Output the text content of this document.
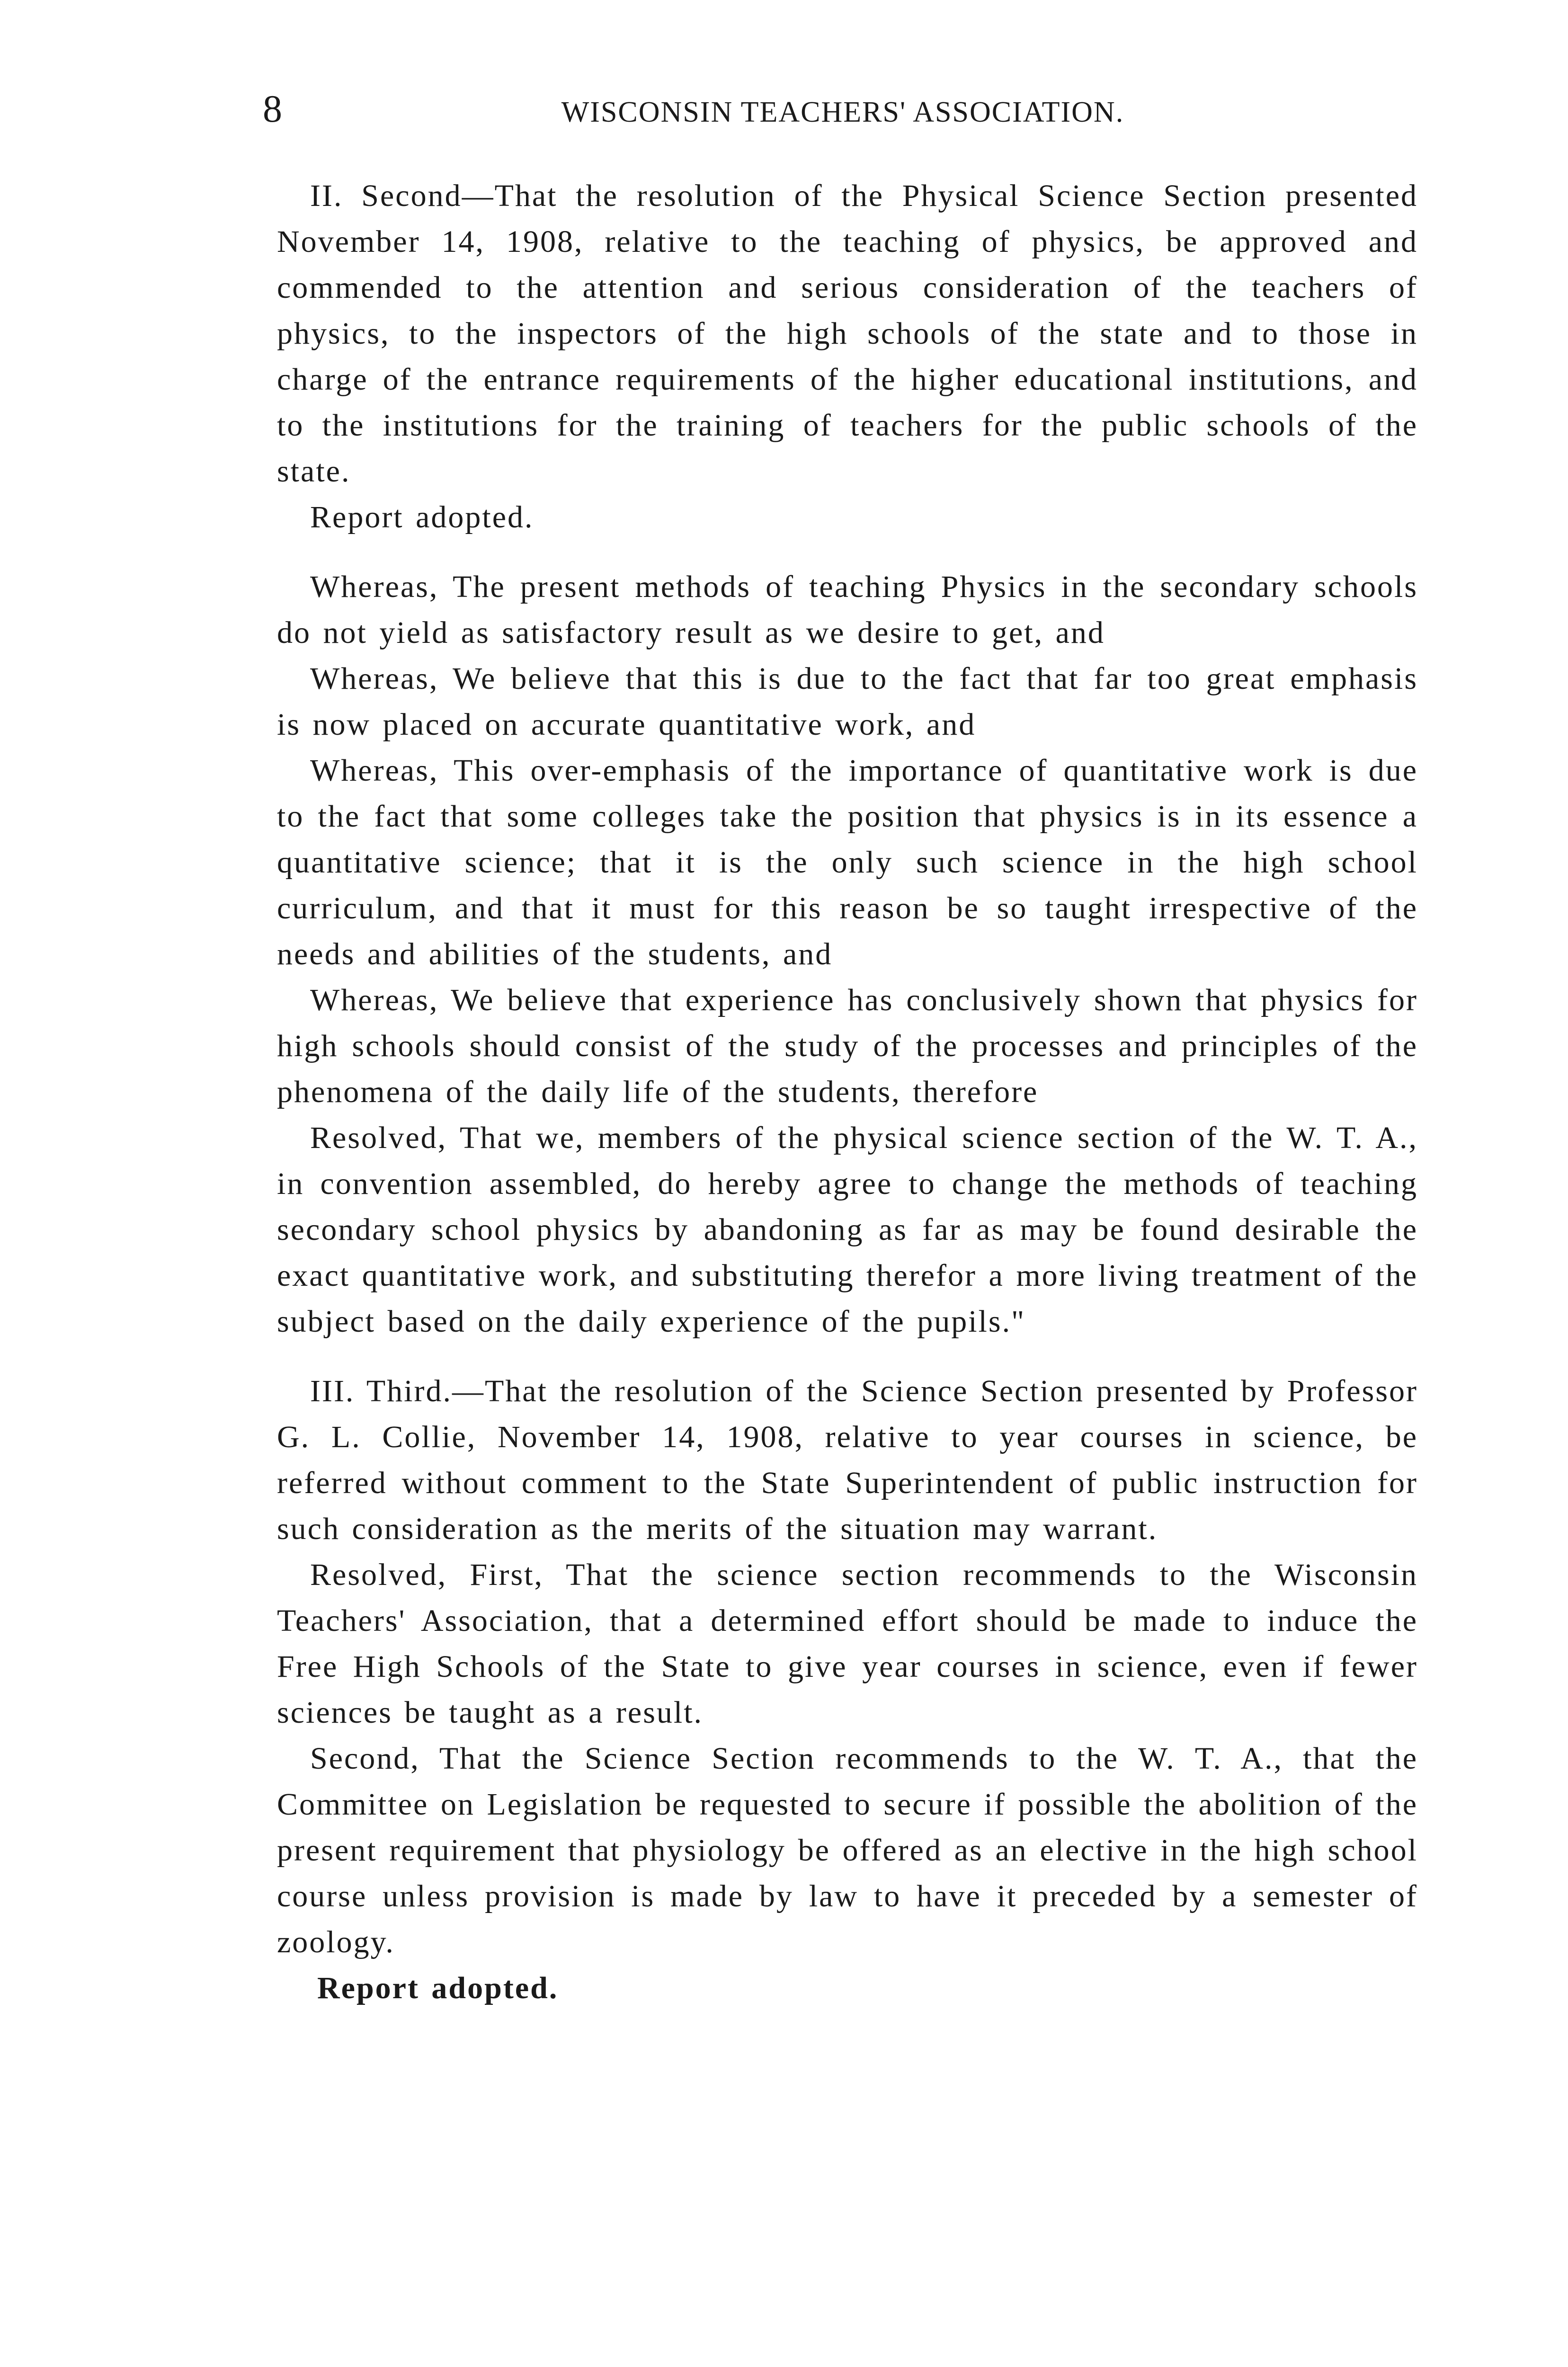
8	WISCONSIN TEACHERS' ASSOCIATION.

II. Second—That the resolution of the Physical Science Section presented November 14, 1908, relative to the teaching of physics, be approved and commended to the attention and serious consideration of the teachers of physics, to the inspectors of the high schools of the state and to those in charge of the entrance requirements of the higher educational institutions, and to the institutions for the training of teachers for the public schools of the state.

Report adopted.

Whereas, The present methods of teaching Physics in the secondary schools do not yield as satisfactory result as we desire to get, and

Whereas, We believe that this is due to the fact that far too great emphasis is now placed on accurate quantitative work, and

Whereas, This over-emphasis of the importance of quantitative work is due to the fact that some colleges take the position that physics is in its essence a quantitative science; that it is the only such science in the high school curriculum, and that it must for this reason be so taught irrespective of the needs and abilities of the students, and

Whereas, We believe that experience has conclusively shown that physics for high schools should consist of the study of the processes and principles of the phenomena of the daily life of the students, therefore

Resolved, That we, members of the physical science section of the W. T. A., in convention assembled, do hereby agree to change the methods of teaching secondary school physics by abandoning as far as may be found desirable the exact quantitative work, and substituting therefor a more living treatment of the subject based on the daily experience of the pupils."

III. Third.—That the resolution of the Science Section presented by Professor G. L. Collie, November 14, 1908, relative to year courses in science, be referred without comment to the State Superintendent of public instruction for such consideration as the merits of the situation may warrant.

Resolved, First, That the science section recommends to the Wisconsin Teachers' Association, that a determined effort should be made to induce the Free High Schools of the State to give year courses in science, even if fewer sciences be taught as a result.

Second, That the Science Section recommends to the W. T. A., that the Committee on Legislation be requested to secure if possible the abolition of the present requirement that physiology be offered as an elective in the high school course unless provision is made by law to have it preceded by a semester of zoology.

Report adopted.
